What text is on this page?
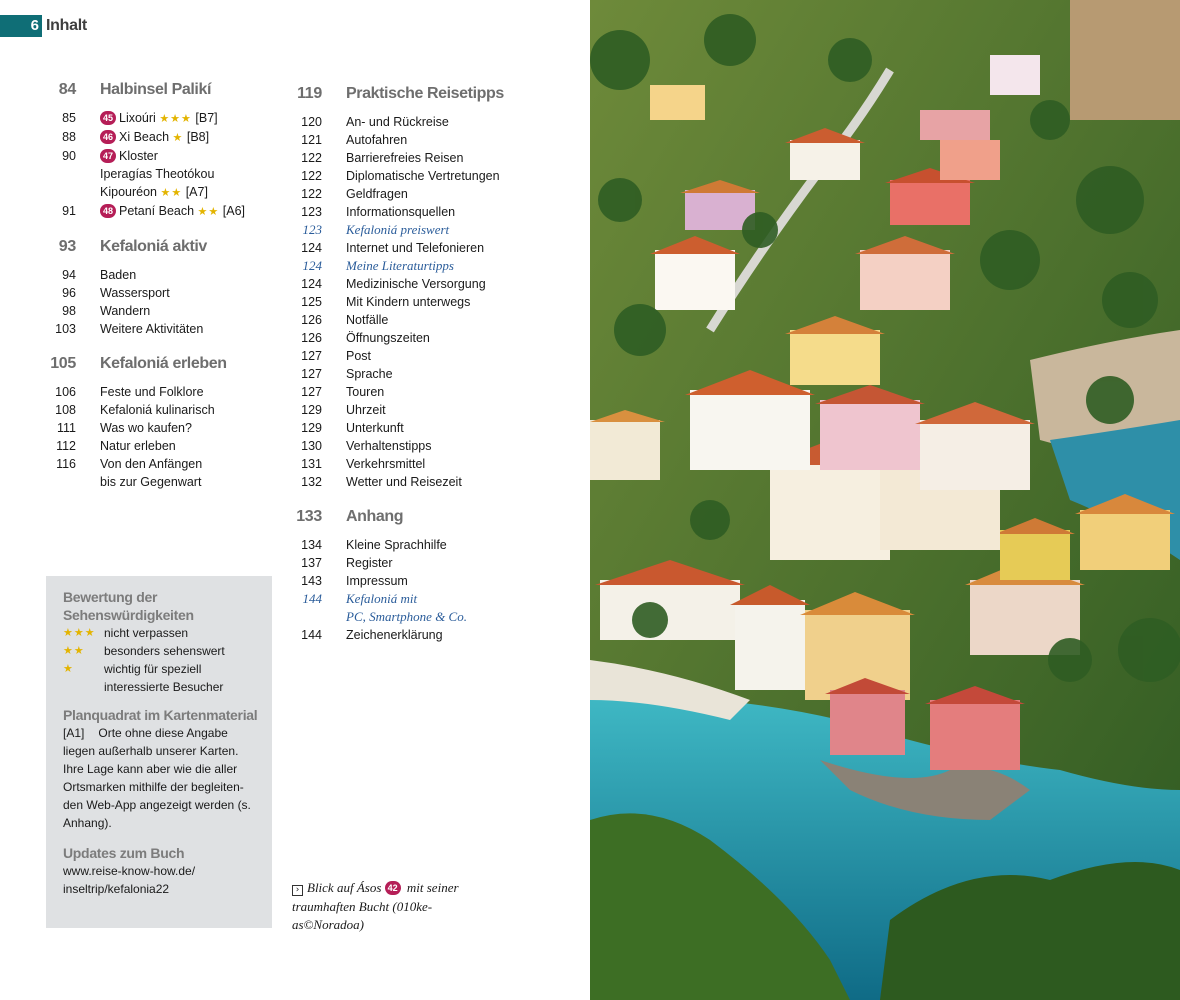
6 Inhalt
84 Halbinsel Palikí
85	45 Lixoúri ★★★ [B7]
88	46 Xi Beach ★ [B8]
90	47 Kloster
Iperagías Theotókou
Kipouréon ★★ [A7]
91	48 Petaní Beach ★★ [A6]
93 Kefaloniá aktiv
94 Baden
96 Wassersport
98 Wandern
103 Weitere Aktivitäten
105 Kefaloniá erleben
106 Feste und Folklore
108 Kefaloniá kulinarisch
111 Was wo kaufen?
112 Natur erleben
116 Von den Anfängen
bis zur Gegenwart
119 Praktische Reisetipps
120 An- und Rückreise
121 Autofahren
122 Barrierefreies Reisen
122 Diplomatische Vertretungen
122 Geldfragen
123 Informationsquellen
123 Kefaloniá preiswert
124 Internet und Telefonieren
124 Meine Literaturtipps
124 Medizinische Versorgung
125 Mit Kindern unterwegs
126 Notfälle
126 Öffnungszeiten
127 Post
127 Sprache
127 Touren
129 Uhrzeit
129 Unterkunft
130 Verhaltenstipps
131 Verkehrsmittel
132 Wetter und Reisezeit
133 Anhang
134 Kleine Sprachhilfe
137 Register
143 Impressum
144 Kefaloniá mit
PC, Smartphone & Co.
144 Zeichenerklärung
Bewertung der Sehenswürdigkeiten
★★★ nicht verpassen
★★ besonders sehenswert
★	wichtig für speziell interessierte Besucher
Planquadrat im Kartenmaterial
[A1] Orte ohne diese Angabe liegen außerhalb unserer Karten. Ihre Lage kann aber wie die aller Ortsmarken mithilfe der begleiten-den Web-App angezeigt werden (s. Anhang).
Updates zum Buch
www.reise-know-how.de/ inseltrip/kefalonia22	› Blick auf Ásos 42 mit seiner traumhaften Bucht (010ke-as©Noradoa)
